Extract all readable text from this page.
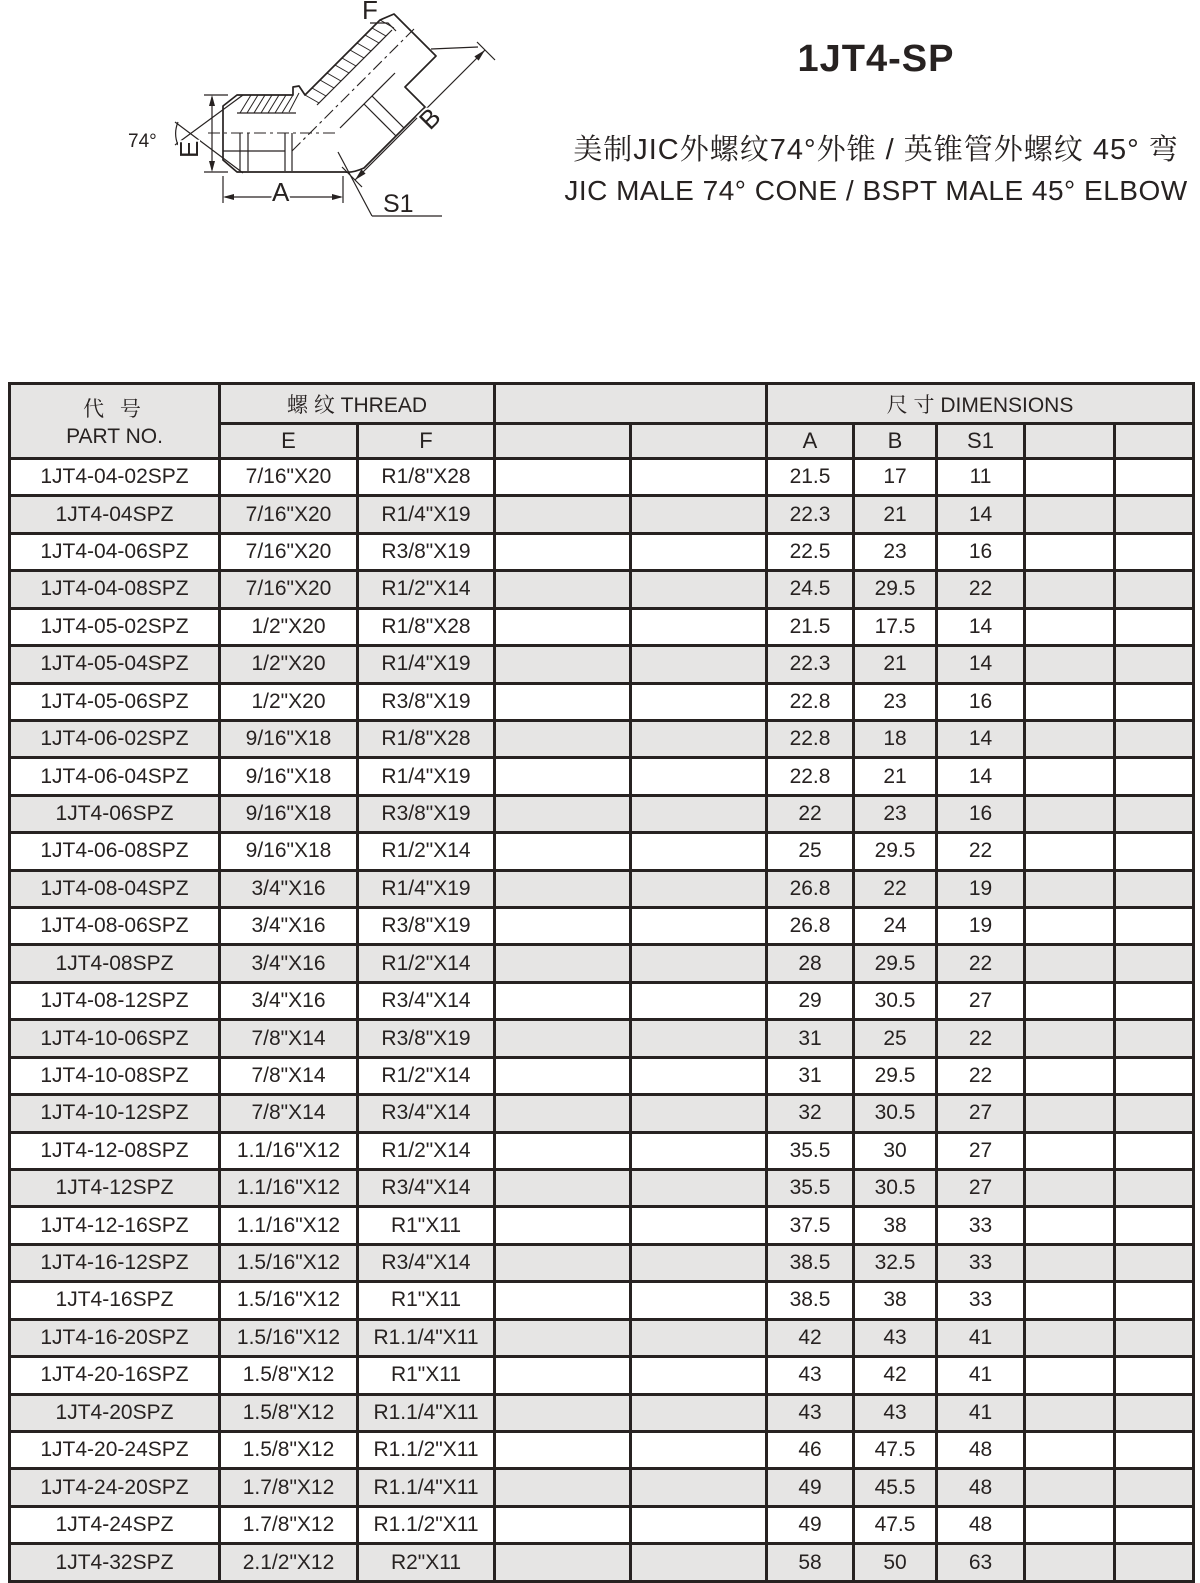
74° E
A
B
S1
F
1JT4-SP
美制JIC外螺纹74°外锥 / 英锥管外螺纹 45° 弯
JIC MALE 74° CONE / BSPT MALE 45° ELBOW
代 号
PART NO.	螺 纹 THREAD				尺 寸 DIMENSIONS				
	E	F			A	B	S1		
1JT4-04-02SPZ	7/16"X20	R1/8"X28			21.5	17	11		
1JT4-04SPZ	7/16"X20	R1/4"X19			22.3	21	14		
1JT4-04-06SPZ	7/16"X20	R3/8"X19			22.5	23	16		
1JT4-04-08SPZ	7/16"X20	R1/2"X14			24.5	29.5	22		
1JT4-05-02SPZ	1/2"X20	R1/8"X28			21.5	17.5	14		
1JT4-05-04SPZ	1/2"X20	R1/4"X19			22.3	21	14		
1JT4-05-06SPZ	1/2"X20	R3/8"X19			22.8	23	16		
1JT4-06-02SPZ	9/16"X18	R1/8"X28			22.8	18	14		
1JT4-06-04SPZ	9/16"X18	R1/4"X19			22.8	21	14		
1JT4-06SPZ	9/16"X18	R3/8"X19			22	23	16		
1JT4-06-08SPZ	9/16"X18	R1/2"X14			25	29.5	22		
1JT4-08-04SPZ	3/4"X16	R1/4"X19			26.8	22	19		
1JT4-08-06SPZ	3/4"X16	R3/8"X19			26.8	24	19		
1JT4-08SPZ	3/4"X16	R1/2"X14			28	29.5	22		
1JT4-08-12SPZ	3/4"X16	R3/4"X14			29	30.5	27		
1JT4-10-06SPZ	7/8"X14	R3/8"X19			31	25	22		
1JT4-10-08SPZ	7/8"X14	R1/2"X14			31	29.5	22		
1JT4-10-12SPZ	7/8"X14	R3/4"X14			32	30.5	27		
1JT4-12-08SPZ	1.1/16"X12	R1/2"X14			35.5	30	27		
1JT4-12SPZ	1.1/16"X12	R3/4"X14			35.5	30.5	27		
1JT4-12-16SPZ	1.1/16"X12	R1"X11			37.5	38	33		
1JT4-16-12SPZ	1.5/16"X12	R3/4"X14			38.5	32.5	33		
1JT4-16SPZ	1.5/16"X12	R1"X11			38.5	38	33		
1JT4-16-20SPZ	1.5/16"X12	R1.1/4"X11			42	43	41		
1JT4-20-16SPZ	1.5/8"X12	R1"X11			43	42	41		
1JT4-20SPZ	1.5/8"X12	R1.1/4"X11			43	43	41		
1JT4-20-24SPZ	1.5/8"X12	R1.1/2"X11			46	47.5	48		
1JT4-24-20SPZ	1.7/8"X12	R1.1/4"X11			49	45.5	48		
1JT4-24SPZ	1.7/8"X12	R1.1/2"X11			49	47.5	48		
1JT4-32SPZ	2.1/2"X12	R2"X11			58	50	63		
